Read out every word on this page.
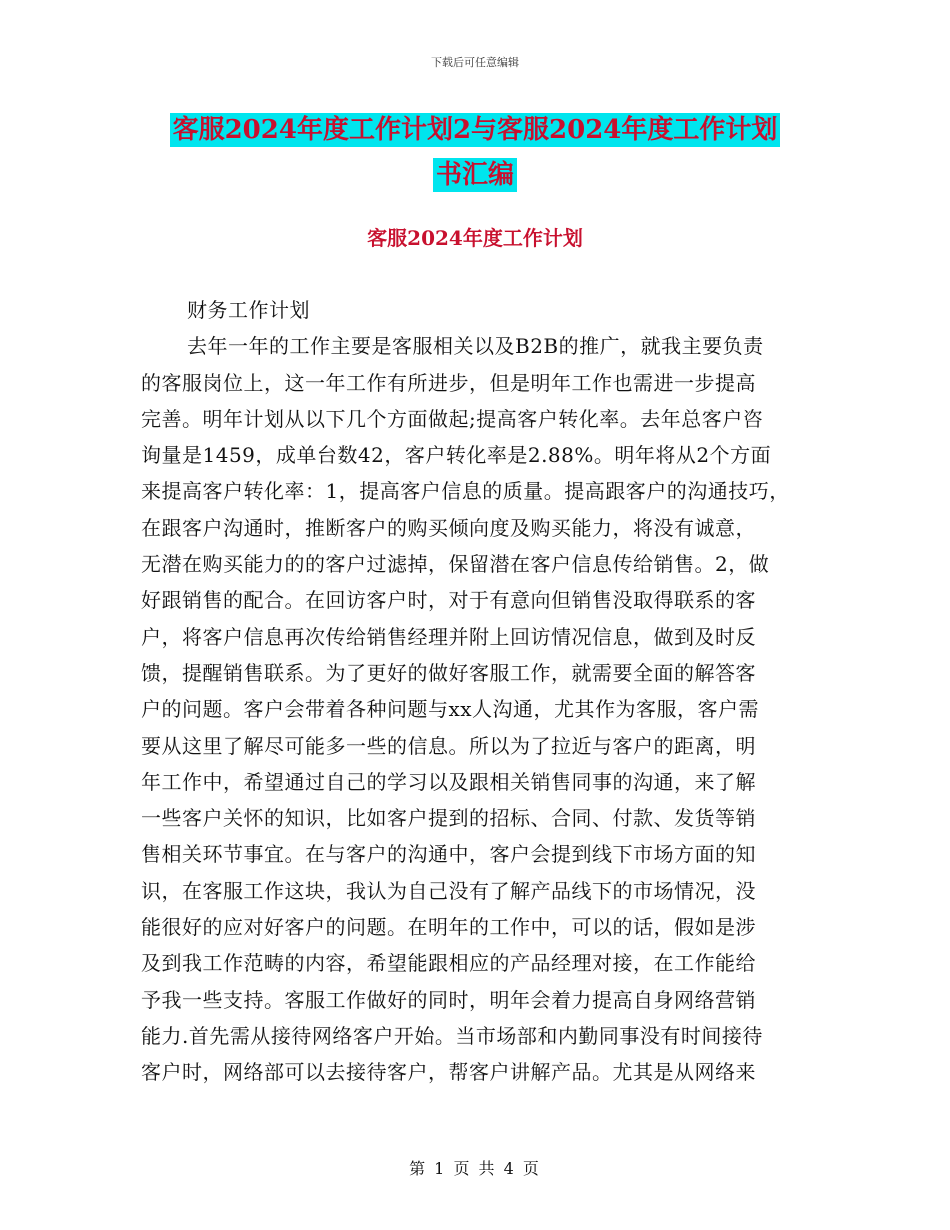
下载后可任意编辑
客服2024年度工作计划2与客服2024年度工作计划
书汇编
客服2024年度工作计划
财务工作计划
去年一年的工作主要是客服相关以及B2B的推广，就我主要负责
的客服岗位上，这一年工作有所进步，但是明年工作也需进一步提高
完善。明年计划从以下几个方面做起;提高客户转化率。去年总客户咨
询量是1459，成单台数42，客户转化率是2.88%。明年将从2个方面
来提高客户转化率：1，提高客户信息的质量。提高跟客户的沟通技巧，
在跟客户沟通时，推断客户的购买倾向度及购买能力，将没有诚意，
无潜在购买能力的的客户过滤掉，保留潜在客户信息传给销售。2，做
好跟销售的配合。在回访客户时，对于有意向但销售没取得联系的客
户，将客户信息再次传给销售经理并附上回访情况信息，做到及时反
馈，提醒销售联系。为了更好的做好客服工作，就需要全面的解答客
户的问题。客户会带着各种问题与xx人沟通，尤其作为客服，客户需
要从这里了解尽可能多一些的信息。所以为了拉近与客户的距离，明
年工作中，希望通过自己的学习以及跟相关销售同事的沟通，来了解
一些客户关怀的知识，比如客户提到的招标、合同、付款、发货等销
售相关环节事宜。在与客户的沟通中，客户会提到线下市场方面的知
识，在客服工作这块，我认为自己没有了解产品线下的市场情况，没
能很好的应对好客户的问题。在明年的工作中，可以的话，假如是涉
及到我工作范畴的内容，希望能跟相应的产品经理对接，在工作能给
予我一些支持。客服工作做好的同时，明年会着力提高自身网络营销
能力.首先需从接待网络客户开始。当市场部和内勤同事没有时间接待
客户时，网络部可以去接待客户，帮客户讲解产品。尤其是从网络来
第 1 页 共 4 页
